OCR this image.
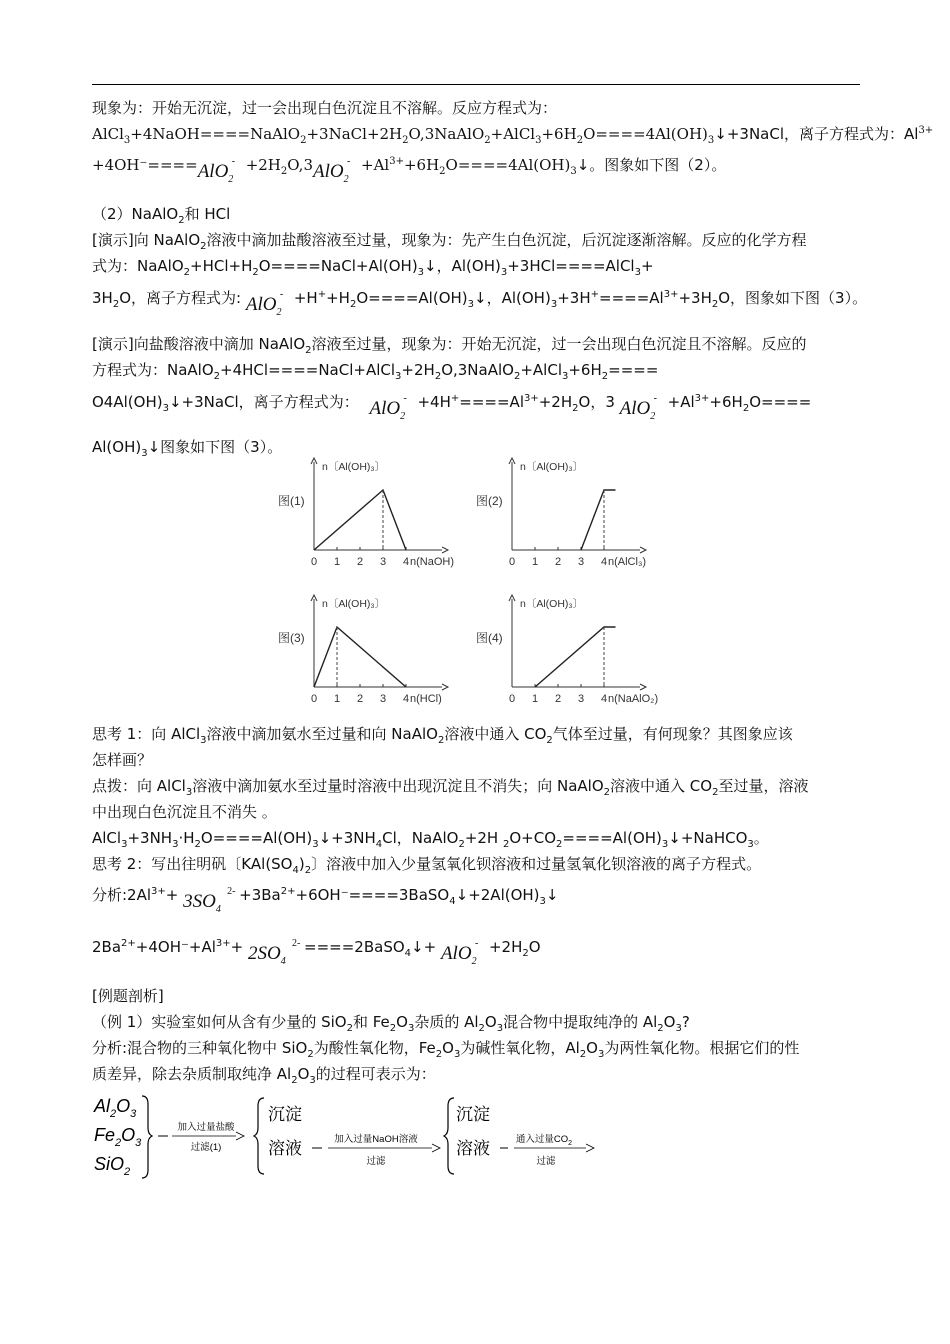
现象为：开始无沉淀，过一会出现白色沉淀且不溶解。反应方程式为：
$AlCl_3+4NaOH====NaAlO_2+3NaCl+2H_2O,3NaAlO_2+AlCl_3+6H_2O====4Al(OH)_3↓+3NaCl$，离子方程式为：$Al^{3+}$
+4OH⁻==== AlO$_2$
- $+2H_2O,3$ AlO$_2$
- $+Al^{3+}+6H_2O====4Al(OH)_3↓$。图象如下图（2）。
（2）NaAlO$_2$和 HCl
[演示]向 NaAlO$_2$溶液中滴加盐酸溶液至过量，现象为：先产生白色沉淀，后沉淀逐渐溶解。反应的化学方程
式为：$NaAlO_2+HCl+H_2O====NaCl+Al(OH)_3↓$，$Al(OH)_3+3HCl====AlCl_3+$
$3H_2O$，离子方程式为: AlO$_2$
- $+H^++H_2O====Al(OH)_3↓$，$Al(OH)_3+3H^+====Al^{3+}+3H_2O$，图象如下图（3）。
[演示]向盐酸溶液中滴加 NaAlO$_2$溶液至过量，现象为：开始无沉淀，过一会出现白色沉淀且不溶解。反应的
方程式为：$NaAlO_2+4HCl====NaCl+AlCl_3+2H_2O,3NaAlO_2+AlCl_3+6H_2====$
$O4Al(OH)_3↓+3NaCl$，离子方程式为： AlO$_2$
- $+4H^+====Al^{3+}+2H_2O$，3 AlO$_2$
- $+Al^{3+}+6H_2O====$
$Al(OH)_3↓$图象如下图（3）。
0 1 2 3 4
n〔Al(OH)₃〕
n(NaOH)
图(1)
0 1 2 3 4
n〔Al(OH)₃〕
n(AlCl₃)
图(2)
0 1 2 3 4
n〔Al(OH)₃〕
n(HCl)
图(3)
0 1 2 3 4
n〔Al(OH)₃〕
n(NaAlO₂)
图(4)
思考 1：向 AlCl$_3$溶液中滴加氨水至过量和向 NaAlO$_2$溶液中通入 $CO_2$气体至过量，有何现象？其图象应该
怎样画？
点拨：向 AlCl$_3$溶液中滴加氨水至过量时溶液中出现沉淀且不消失；向 NaAlO$_2$溶液中通入 $CO_2$至过量，溶液
中出现白色沉淀且不消失 。
$AlCl_3+3NH_3\cdot H_2O====Al(OH)_3↓+3NH_4Cl$，NaAlO$_2$+2H $_2O+CO_2====Al(OH)_3↓+NaHCO_3$。
思考 2：写出往明矾〔$KAl(SO_4)_2$〕溶液中加入少量氢氧化钡溶液和过量氢氧化钡溶液的离子方程式。
分析$:2Al^{3+}+ 3SO_4$
$2- +3Ba^{2+}+6OH^-====3BaSO_4↓+2Al(OH)_3↓$
$2Ba^{2+}+4OH^-+Al^{3+}+ 2SO_4$
2- ====2BaSO$_4$↓+ AlO$_2$
- $+2H_2O$
[例题剖析]
（例 1）实验室如何从含有少量的 SiO$_2$和 $Fe_2O_3$杂质的 $Al_2O_3$混合物中提取纯净的 $Al_2O_3$?
分析:混合物的三种氧化物中 SiO$_2$为酸性氧化物，$Fe_2O_3$为碱性氧化物，$Al_2O_3$为两性氧化物。根据它们的性
质差异，除去杂质制取纯净 $Al_2O_3$的过程可表示为：
$Al_2O_3$
$Fe_2O_3$
SiO$_2$
加入过量盐酸
过滤(1)
沉淀
溶液	加入过量NaOH溶液
过滤
沉淀
溶液	通入过量$CO_2$
过滤
